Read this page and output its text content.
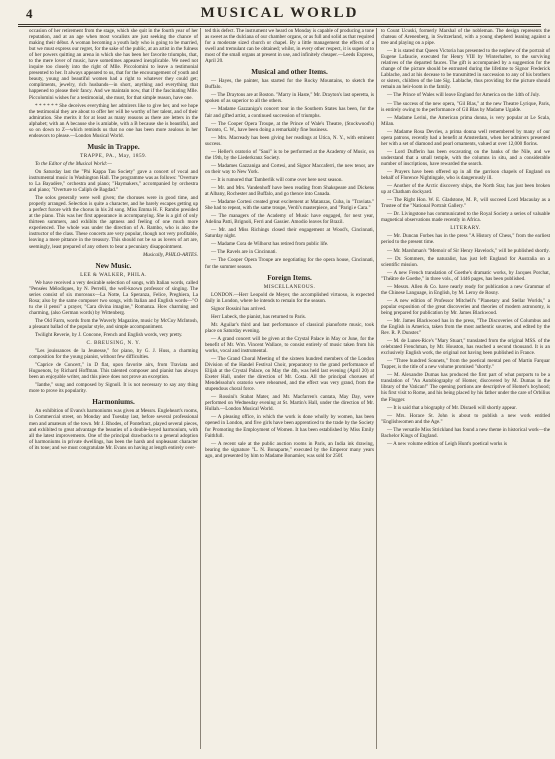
4	MUSICAL WORLD

occasion of her retirement from the stage, which she quit in the fourth year of her reputation, and at an age when most vocalists are just seeking the chance of making their début. A woman becoming a youth lady who is going to be married, but we must express our regret, for the sake of the public, at an artist in the fulness of her powers quitting an arena in which she has been her favorite triumphs, that, to the mere lover of music, have sometimes appeared inexplicable. We need not inquire too closely into the right of Mlle. Piccolomini to leave a testimonial presented to her. It always appeared to us, that for the encouragement of youth and beauty, young and beautiful women had a right to whatever they could get; compliments, jewelry, rich husbands—in short, anything and everything that happened to please their fancy. And we maintain now, that if the fascinating Mlle. Piccolomini wishes for a testimonial, she must, for that simple reason, have one.

* * * * * * She deceives everything her admirers like to give her, and we hope the testimonial they are about to offer her will be worthy of her talent, and of their admiration. She merits it for at least as many reasons as there are letters in the alphabet; with an A because she is amiable, with a B because she is beautiful, and so on down to Z—which reminds us that no one has been more zealous in her endeavors to please.—London Musical World.

Music in Trappe.
TRAPPE, PA., May, 1859.

To the Editor of the Musical World:—

On Saturday last the "Phi Kappa Tau Society" gave a concert of vocal and instrumental music in Washington Hall. The programme was as follows: "Overture to La Bayadère," orchestra and piano; "Haymakers," accompanied by orchestra and piano; "Overture to Caliph de Bagdad."

The solos generally were well given; the choruses were in good time, and properly arranged. Selection is quite a character, and he barely escapes getting up a perfect furore with the chorus in his 2d song. Miss Emma H. F. Rambo presided at the piano. This was her first appearance in accompanying. She is a girl of only thirteen summers, and exhibits the aptness and feeling of one much more experienced. The whole was under the direction of A. Rambo, who is also the instructor of the class. These concerts are very popular, though not very profitable, leaving a mere pittance in the treasury. This should not be so as lovers of art are, seemingly, least prepared of any others to bear a pecuniary disappointment.

Musically, PHILO-ARTES.
New Music.
LEE & WALKER, PHILA.

We have received a very desirable selection of songs, with Italian words, called "Pensées Mélodiques, by N. Perrelli, the well-known professor of singing. The series consist of six morceaux—La Notte, La Speranza, Felice, Preghiera, La Rosa; also by the same composer two songs, with Italian and English words—"O tu che il pensi" a prayer, "Cara divina imagine," Romanza. How charming and charming, (also German words) by Wittenberg.

The Old Farm, words from the Waverly Magazine, music by McCoy McIntosh, a pleasant ballad of the popular style, and simple accompaniment.

Twilight Reverie, by J. Concone, French and English words, very pretty.

C. BREUSING, N. Y.

"Les jouissances de la Jeunesse," for piano, by G. J. Huss, a charming composition for the young pianist, without few difficulties.

"Caprice de Concert," in D flat, upon favorite airs, from Traviata and Huguenots, by Richard Hoffman. This talented composer and pianist has always been an enjoyable writer, and this piece does not prove an exception.

"Ianthe," sung and composed by Signoll. It is not necessary to say any thing more to prove its popularity.

Harmoniums.

An exhibition of Evans's harmoniums was given at Messrs. Engleheart's rooms, in Commercial street, on Monday and Tuesday last, before several professional men and amateurs of the town. Mr J. Rhodes, of Pontefract, played several pieces, and exhibited to great advantage the beauties of a double-keyed harmonium, with all the latest improvements. One of the principal drawbacks to a general adoption of harmoniums in private dwellings, has been the harsh and unpleasant character of its tone; and we must congratulate Mr. Evans on having at length entirely over-

ted this defect. The instrument we heard on Monday is capable of producing a tone as sweet as the dulciana of our chamber organs, or as full and solid as that required for a moderate sized church or chapel. By a little management the effects of a swell and tremulant can be obtained; whilst, in every other respect, it is superior to most of the small organs at present in use, and infinitely cheaper.—Leeds Express, April 20.

Musical and other Items.

— Hayes, the painter, has started for the Rocky Mountains, to sketch the Buffalo.

— The Draytons are at Boston. "Marry in Haste," Mr. Drayton's last operetta, is spoken of as superior to all the others.

— Madame Gazzaniga's concert tour in the Southern States has been, for the fair and gifted artist, a continued succession of triumphs.

— The Cooper Opera Troupe, at the Prince of Wale's Theatre, (Stockwood's) Toronto, C. W., have been doing a remarkably fine business.

— Mrs. Macready has been giving her readings at Utica, N. Y., with eminent success.

— Heller's oratorio of "Saul" is to be performed at the Academy of Music, on the 19th, by the Liederkranz Society.

— Madames Gazzaniga and Cortesi, and Signor Maccaferri, the new tenor, are on their way to New York.

— It is rumored that Tamberlik will come over here next season.

— Mr. and Mrs. Vandenhoff have been reading from Shakspeare and Dickens at Albany, Rochester and Buffalo, and go thence into Canada.

— Madame Cortesi created great excitement at Matanzas, Cuba, in "Traviata." She had to repeat, with the same troupe, Verdi's masterpiece, and "Parigi e Cara."

— The managers of the Academy of Music have engaged, for next year, Adelina Patti, Brignoli, Ferri and Gassier. Amodio leaves for Brazil.

— Mr. and Miss Richings closed their engagement at Wood's, Cincinnati, Saturday night.

— Madame Cora de Wilhorst has retired from public life.

— The Ravels are in Cincinnati.

— The Cooper Opera Troupe are negotiating for the opera house, Cincinnati, for the summer season.

Foreign Items.
MISCELLANEOUS.

LONDON.—Herr Leopold de Meyer, the accomplished virtuoso, is expected daily in London, where he intends to remain for the season.

Signor Bossini has arrived.

Herr Lubeck, the pianist, has returned to Paris.

Mr. Aguilar's third and last performance of classical pianoforte music, took place on Saturday evening.

— A grand concert will be given at the Crystal Palace in May or June, for the benefit of Mr. Wm. Vincent Wallace, to consist entirely of music taken from his works, vocal and instrumental.

— The Grand Choral Meeting of the sixteen hundred members of the London Division of the Handel Festival Choir, preparatory to the grand performance of Elijah at the Crystal Palace, on May the 4th, was held last evening (April 20) at Exeter Hall, under the direction of Mr. Costa. All the principal choruses of Mendelssohn's oratorio were rehearsed, and the effect was very grand, from the stupendous choral force.

— Rossini's Stabat Mater, and Mr. Macfarren's cantata, May Day, were performed on Wednesday evening at St. Martin's Hall, under the direction of Mr. Hullah.—London Musical World.

— A pleasing office, in which the work is done wholly by women, has been opened in London, and five girls have been apprenticed to the trade by the Society for Promoting the Employment of Women. It has been established by Miss Emily Faithfull.

— A recent sale at the public auction rooms in Paris, an India ink drawing, bearing the signature "L. N. Bonaparte," executed by the Emperor many years ago, and presented by him to Madame Bonamier, was sold for 250f.

to Count Ucuski, formerly Marshal of the nobleman. The design represents the chateau of Arenenberg, in Switzerland, with a young shepherd leaning against a tree and playing on a pipe.

— It is stated that Queen Victoria has presented to the nephew of the portrait of Eugene Lafaucie, executed for Henry VIII by Winterhalter, to the surviving relatives of the departed fauces. The gift is accompanied by a suggestion for the change of the picture should be entrusted during the lifetime to Signor Frederick Lablache, and at his decease to be transmitted in succession to any of his brothers or sisters, children of the late Sig. Lablache, thus providing for the picture should remain an heir-loom in the family.

— The Prince of Wales will leave England for America on the 14th of July.

— The success of the new opera, "Gil Blas," at the new Theatre Lyrique, Paris, is entirely owing to the performance of Gil Blas by Madame Ugalde.

— Madame Lerini, the American prima donna, is very popular at Le Scala, Milan.

— Madame Rosa Devries, a prima donna well remembered by many of our opera patrons, recently had a benefit at Amsterdam, when her admirers presented her with a set of diamond and pearl ornaments, valued at over 12,000 florins.

— Lord Dufferin has been excavating on the banks of the Nile, and we understand that a small temple, with the columns in situ, and a considerable number of inscriptions, have rewarded the search.

— Prayers have been offered up in all the garrison chapels of England on behalf of Florence Nightingale, who is dangerously ill.

— Another of the Arctic discovery ships, the North Star, has just been broken up at Chatham dockyard.

— The Right Hon. W. E. Gladstone, M. P., will succeed Lord Macaulay as a Trustee of the "National Portrait Gallery."

— Dr. Livingstone has communicated to the Royal Society a series of valuable magnetical observations made recently in Africa.

LITERARY.

— Mr. Duncan Forbes has in the press "A History of Chess," from the earliest period to the present time.

— Mr. Marshman's "Memoir of Sir Henry Havelock," will be published shortly.

— Dr. Sommers, the naturalist, has just left England for Australia on a scientific mission.

— A new French translation of Goethe's dramatic works, by Jacques Porchat, "Théâtre de Goethe," in three vols., of 1446 pages, has been published.

— Messrs. Allen & Co. have nearly ready for publication a new Grammar of the Chinese Language, in English, by M. Leroy de Rosny.

— A new edition of Professor Mitchell's "Planetary and Stellar Worlds," a popular exposition of the great discoveries and theories of modern astronomy, is being prepared for publication by Mr. James Blackwood.

— Mr. James Blackwood has in the press, "The Discoveries of Columbus and the English in America, taken from the most authentic sources, and edited by the Rev. R. P. Dunster."

— M. de Lunes-Rice's "Mary Stuart," translated from the original MSS. of the celebrated Frenchman, by Mr. Houston, has reached a second thousand. It is an exclusively English work, the original not having been published in France.

— "Three hundred Sonnets," from the poetical mental pen of Martin Farquar Tupper, is the title of a new volume promised "shortly."

— M. Alexandre Dumas has produced the first part of what purports to be a translation of "An Autobiography of Homer, discovered by M. Dumas in the library of the Vatican!" The opening portions are descriptive of Homer's boyhood; his first visit to Rome, and his being placed by his father under the care of Orbilius the Flogger.

— It is said that a biography of Mr. Disraeli will shortly appear.

— Mrs. Horace St. John is about to publish a new work entitled "Englishwomen and the Age."

— The versatile Miss Strickland has found a new theme in historical work—the Bachelor Kings of England.

— A new volume edition of Leigh Hunt's poetical works is
